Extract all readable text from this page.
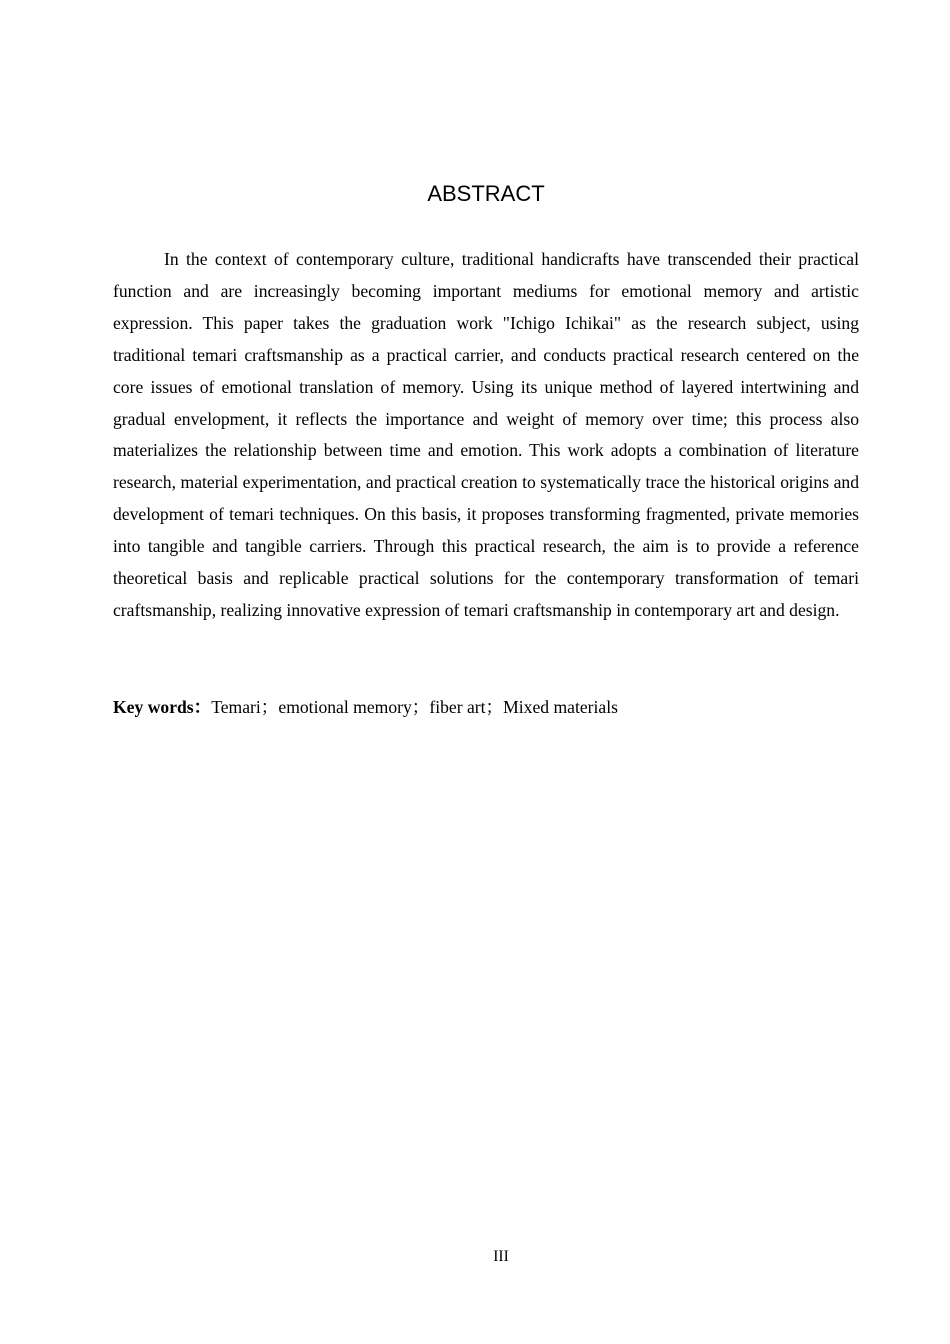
ABSTRACT

In the context of contemporary culture, traditional handicrafts have transcended their practical function and are increasingly becoming important mediums for emotional memory and artistic expression. This paper takes the graduation work "Ichigo Ichikai" as the research subject, using traditional temari craftsmanship as a practical carrier, and conducts practical research centered on the core issues of emotional translation of memory. Using its unique method of layered intertwining and gradual envelopment, it reflects the importance and weight of memory over time; this process also materializes the relationship between time and emotion. This work adopts a combination of literature research, material experimentation, and practical creation to systematically trace the historical origins and development of temari techniques. On this basis, it proposes transforming fragmented, private memories into tangible and tangible carriers. Through this practical research, the aim is to provide a reference theoretical basis and replicable practical solutions for the contemporary transformation of temari craftsmanship, realizing innovative expression of temari craftsmanship in contemporary art and design.

Key words：Temari；emotional memory；fiber art；Mixed materials

III
